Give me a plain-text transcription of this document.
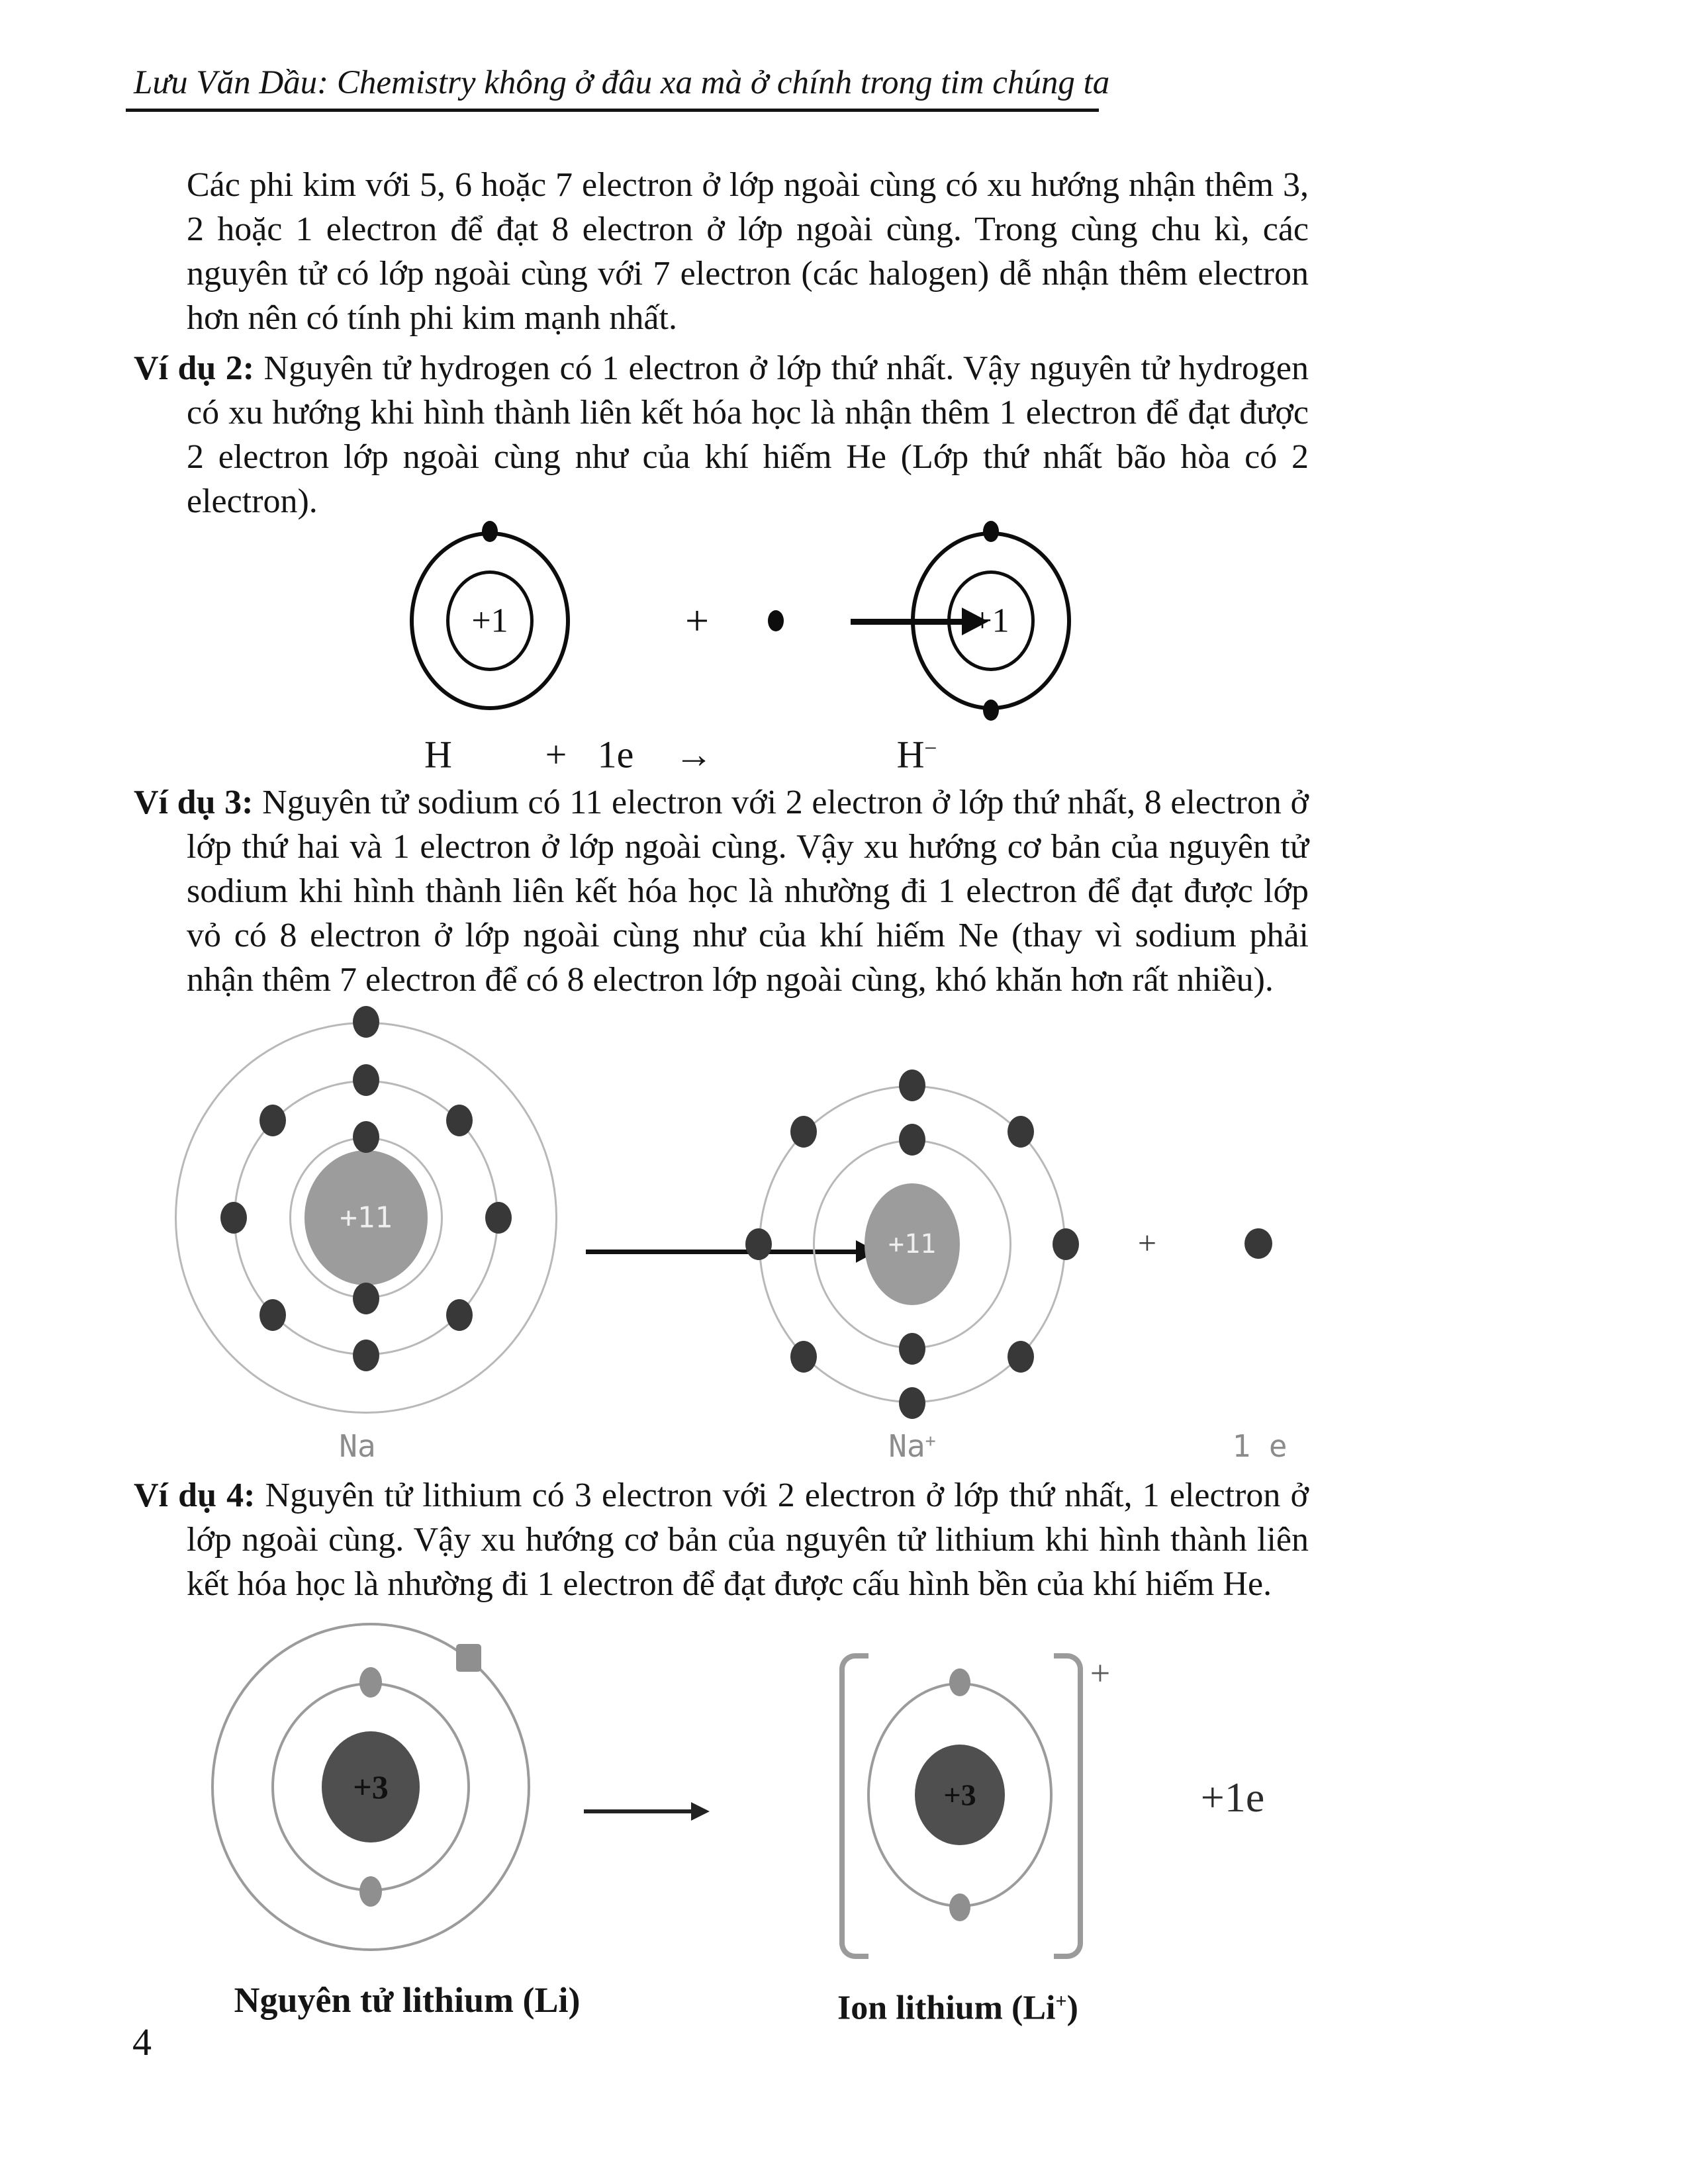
Lưu Văn Dầu: Chemistry không ở đâu xa mà ở chính trong tim chúng ta
Các phi kim với 5, 6 hoặc 7 electron ở lớp ngoài cùng có xu hướng nhận thêm 3, 2 hoặc 1 electron để đạt 8 electron ở lớp ngoài cùng. Trong cùng chu kì, các nguyên tử có lớp ngoài cùng với 7 electron (các halogen) dễ nhận thêm electron hơn nên có tính phi kim mạnh nhất.
Ví dụ 2: Nguyên tử hydrogen có 1 electron ở lớp thứ nhất. Vậy nguyên tử hydrogen có xu hướng khi hình thành liên kết hóa học là nhận thêm 1 electron để đạt được 2 electron lớp ngoài cùng như của khí hiếm He (Lớp thứ nhất bão hòa có 2 electron).
+
H + 1e →	H−
Ví dụ 3: Nguyên tử sodium có 11 electron với 2 electron ở lớp thứ nhất, 8 electron ở lớp thứ hai và 1 electron ở lớp ngoài cùng. Vậy xu hướng cơ bản của nguyên tử sodium khi hình thành liên kết hóa học là nhường đi 1 electron để đạt được lớp vỏ có 8 electron ở lớp ngoài cùng như của khí hiếm Ne (thay vì sodium phải nhận thêm 7 electron để có 8 electron lớp ngoài cùng, khó khăn hơn rất nhiều).
+
Na	Na+	1 e
Ví dụ 4: Nguyên tử lithium có 3 electron với 2 electron ở lớp thứ nhất, 1 electron ở lớp ngoài cùng. Vậy xu hướng cơ bản của nguyên tử lithium khi hình thành liên kết hóa học là nhường đi 1 electron để đạt được cấu hình bền của khí hiếm He.
+
+1e
Nguyên tử lithium (Li)	Ion lithium (Li+)
+1	+1
+11
+11
+3	+3
4
